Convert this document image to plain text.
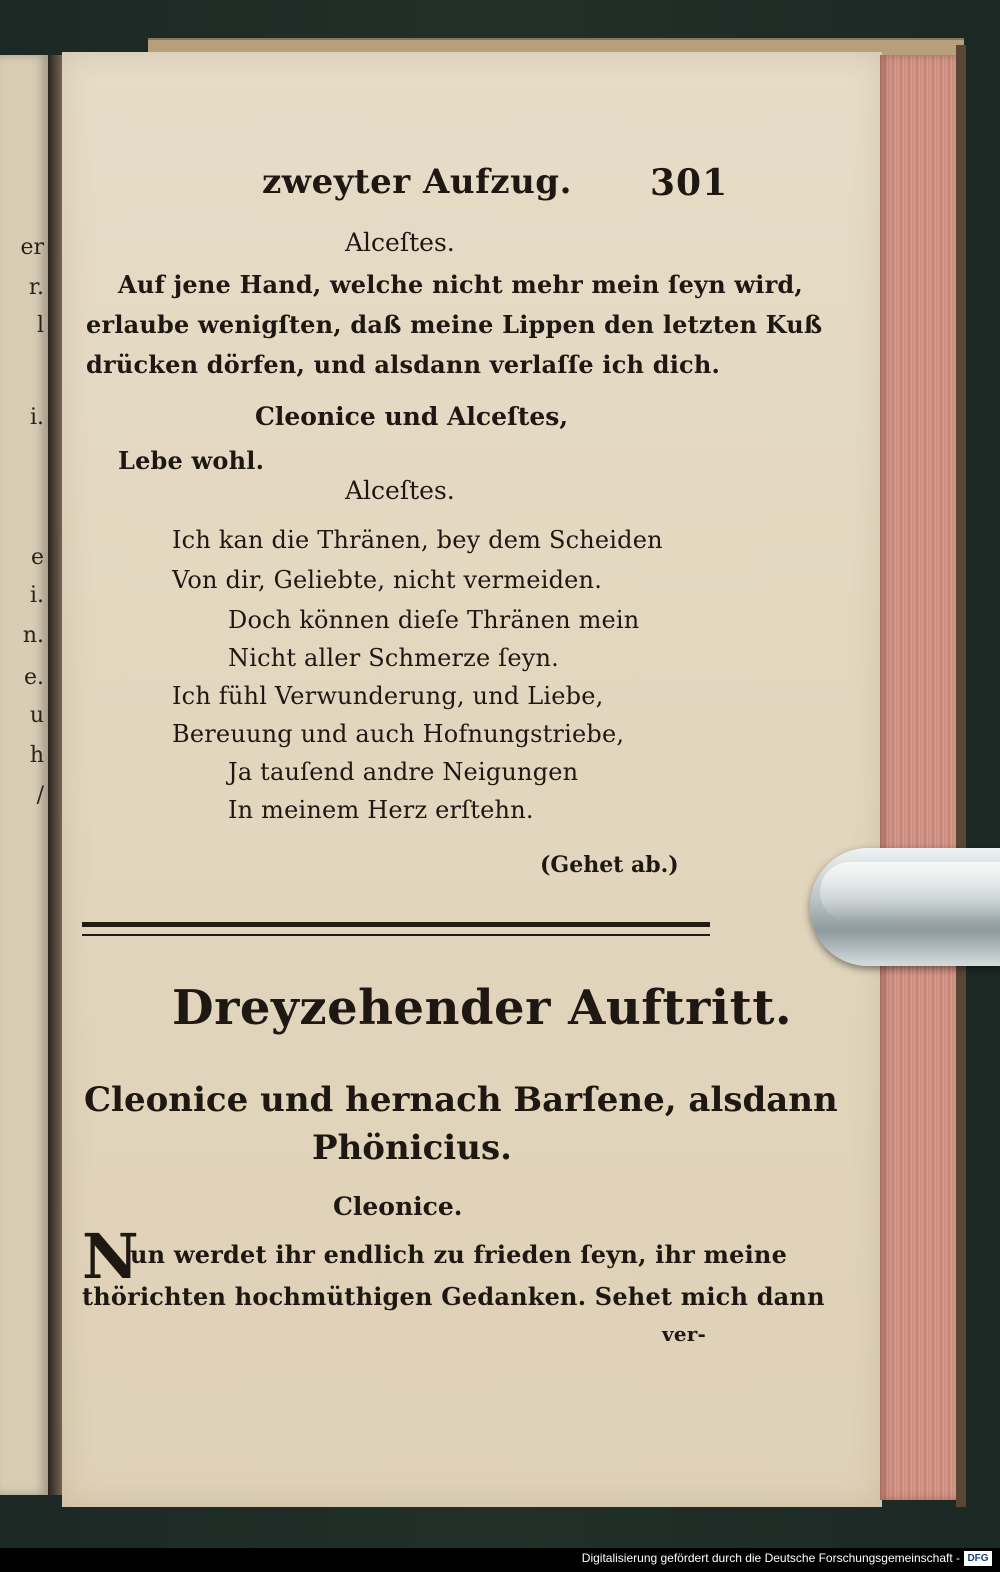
er
r.
l
i.
e
i.
n.
e.
u
h
/
zweyter Aufzug. 301
Alceſtes.
Auf jene Hand, welche nicht mehr mein ſeyn wird,
erlaube wenigſten, daß meine Lippen den letzten Kuß
drücken dörfen, und alsdann verlaſſe ich dich.
Cleonice und Alceſtes,
Lebe wohl.
Alceſtes.
Ich kan die Thränen, bey dem Scheiden
Von dir, Geliebte, nicht vermeiden.
Doch können dieſe Thränen mein
Nicht aller Schmerze ſeyn.
Ich fühl Verwunderung, und Liebe,
Bereuung und auch Hofnungstriebe,
Ja tauſend andre Neigungen
In meinem Herz erſtehn.
(Gehet ab.)
Dreyzehender Auftritt.
Cleonice und hernach Barſene, alsdann
Phönicius.
Cleonice.
N
un werdet ihr endlich zu frieden ſeyn, ihr meine
thörichten hochmüthigen Gedanken. Sehet mich dann
ver-
Digitalisierung gefördert durch die Deutsche Forschungsgemeinschaft - DFG
